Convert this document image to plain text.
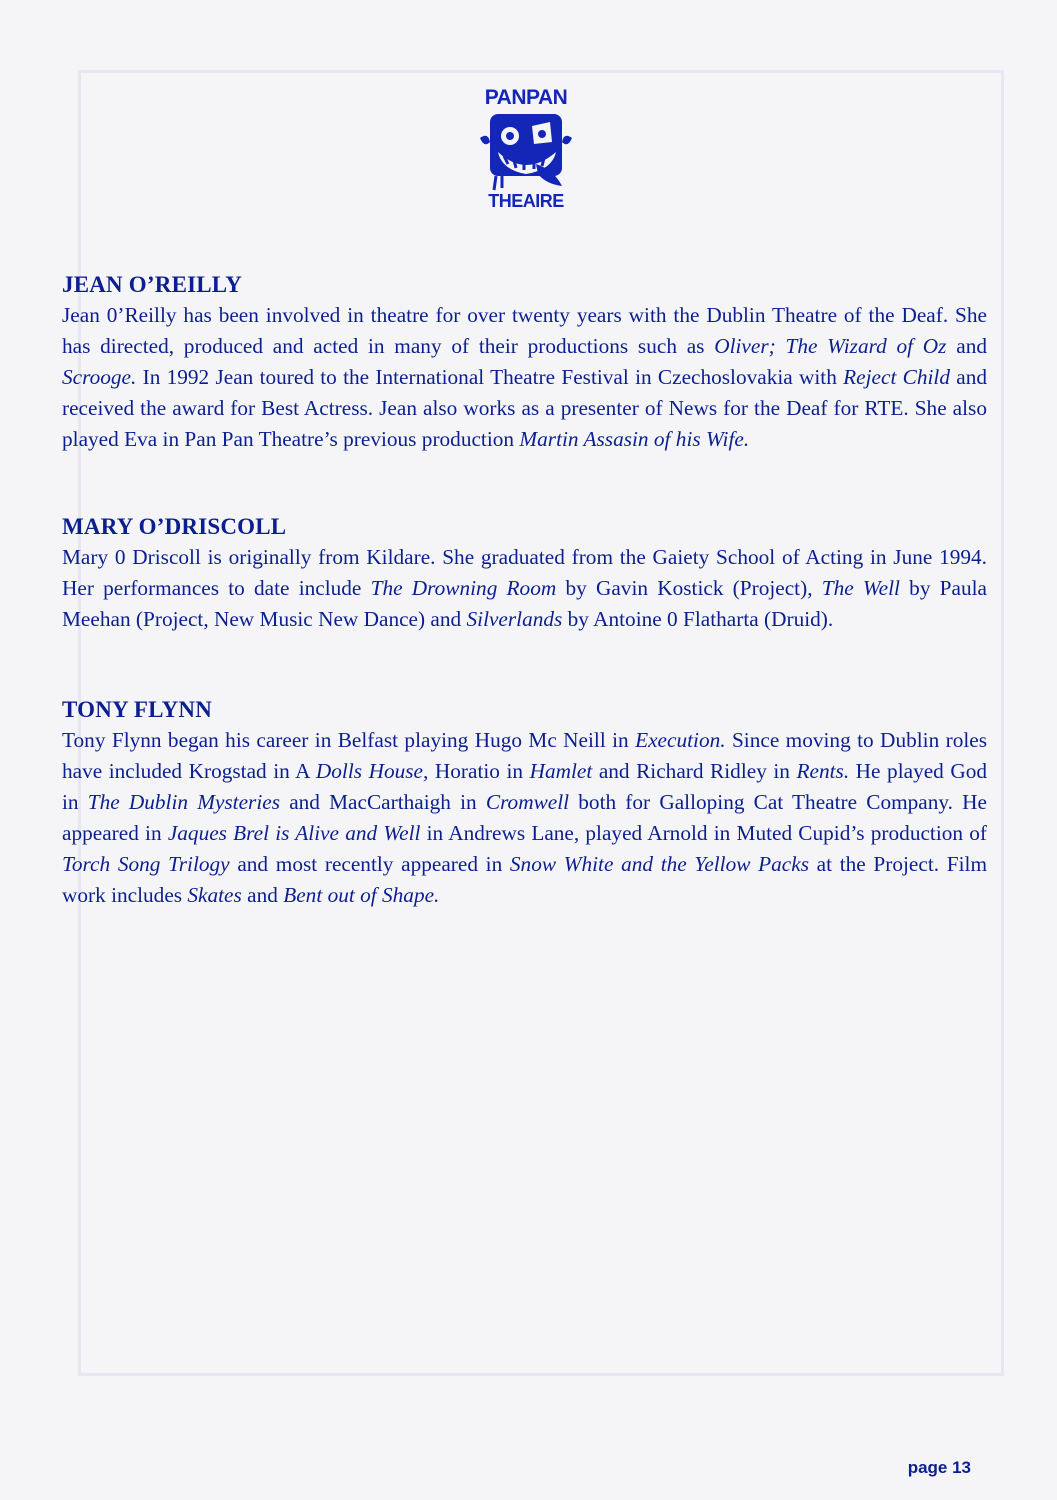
PANPAN
THEAIRE
JEAN O’REILLY

Jean 0’Reilly has been involved in theatre for over twenty years with the Dublin Theatre of the Deaf. She has directed, produced and acted in many of their productions such as Oliver; The Wizard of Oz and Scrooge. In 1992 Jean toured to the International Theatre Festival in Czechoslovakia with Reject Child and received the award for Best Actress. Jean also works as a presenter of News for the Deaf for RTE. She also played Eva in Pan Pan Theatre’s previous production Martin Assasin of his Wife.

MARY O’DRISCOLL

Mary 0 Driscoll is originally from Kildare. She graduated from the Gaiety School of Acting in June 1994. Her performances to date include The Drowning Room by Gavin Kostick (Project), The Well by Paula Meehan (Project, New Music New Dance) and Silverlands by Antoine 0 Flatharta (Druid).

TONY FLYNN

Tony Flynn began his career in Belfast playing Hugo Mc Neill in Execution. Since moving to Dublin roles have included Krogstad in A Dolls House, Horatio in Hamlet and Richard Ridley in Rents. He played God in The Dublin Mysteries and MacCarthaigh in Cromwell both for Galloping Cat Theatre Company. He appeared in Jaques Brel is Alive and Well in Andrews Lane, played Arnold in Muted Cupid’s production of Torch Song Trilogy and most recently appeared in Snow White and the Yellow Packs at the Project. Film work includes Skates and Bent out of Shape.

page 13
